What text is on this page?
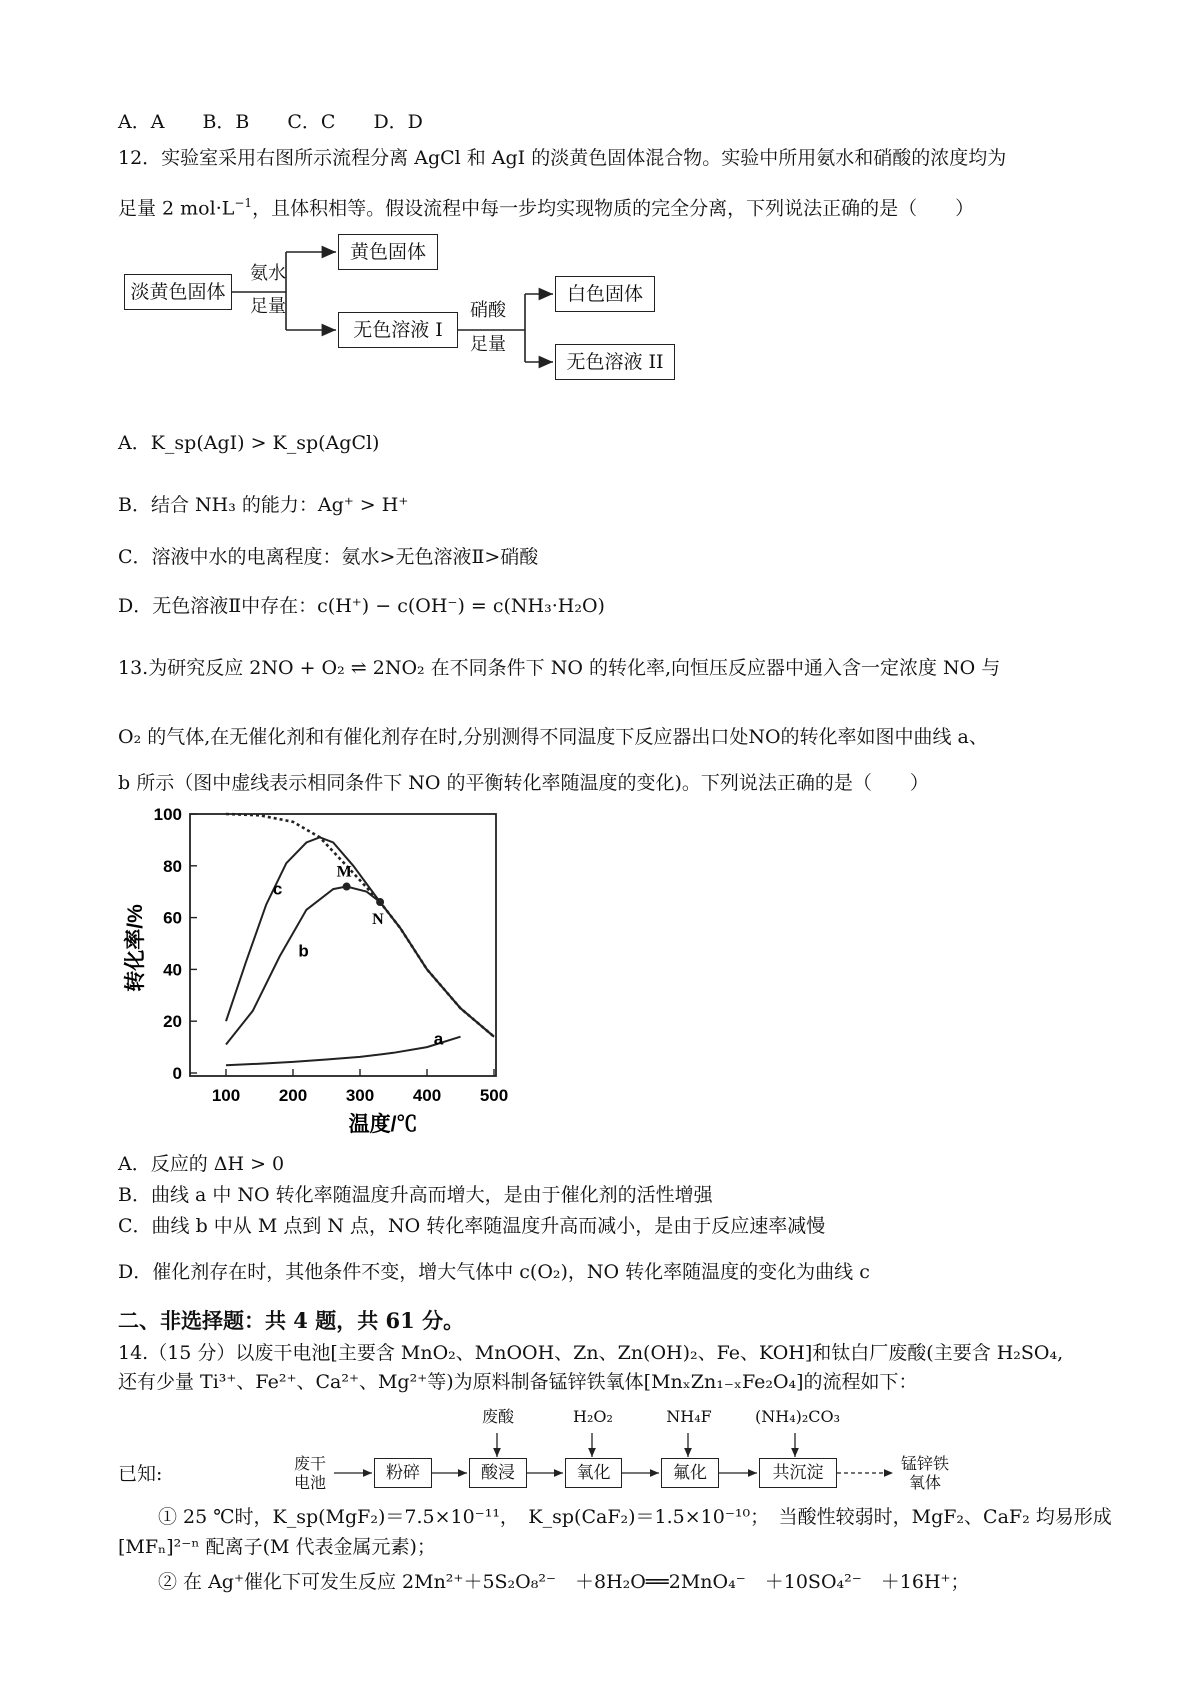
A．A　　B．B　　C．C　　D．D
12．实验室采用右图所示流程分离 AgCl 和 AgI 的淡黄色固体混合物。实验中所用氨水和硝酸的浓度均为
足量 2 $mol\cdot L^{-1}$，且体积相等。假设流程中每一步均实现物质的完全分离，下列说法正确的是（　　）
淡黄色固体
氨水
足量
黄色固体
无色溶液 I
硝酸
足量
白色固体
无色溶液 II
A．K_sp(AgI) > K_sp(AgCl)
B．结合 NH₃ 的能力：Ag⁺ > H⁺
C．溶液中水的电离程度：氨水>无色溶液Ⅱ>硝酸
D．无色溶液Ⅱ中存在：c(H⁺) − c(OH⁻) = c(NH₃·H₂O)
13.为研究反应 2NO + O₂ ⇌ 2NO₂ 在不同条件下 NO 的转化率,向恒压反应器中通入含一定浓度 NO 与
O₂ 的气体,在无催化剂和有催化剂存在时,分别测得不同温度下反应器出口处NO的转化率如图中曲线 a、
b 所示（图中虚线表示相同条件下 NO 的平衡转化率随温度的变化)。下列说法正确的是（　　）
100 200 300 400 500
0
20
40
60
80
100
a
b
c
M
N
转化率/%
温度/℃
A．反应的 ΔH > 0
B．曲线 a 中 NO 转化率随温度升高而增大，是由于催化剂的活性增强
C．曲线 b 中从 M 点到 N 点，NO 转化率随温度升高而减小，是由于反应速率减慢
D．催化剂存在时，其他条件不变，增大气体中 c(O₂)，NO 转化率随温度的变化为曲线 c
二、非选择题：共 4 题，共 61 分。
14.（15 分）以废干电池[主要含 MnO₂、MnOOH、Zn、Zn(OH)₂、Fe、KOH]和钛白厂废酸(主要含 H₂SO₄,
还有少量 Ti³⁺、Fe²⁺、Ca²⁺、Mg²⁺等)为原料制备锰锌铁氧体[MnₓZn₁₋ₓFe₂O₄]的流程如下：
废酸	H₂O₂	NH₄F	(NH₄)₂CO₃
已知:	废干
电池	粉碎	酸浸	氧化	氟化	共沉淀	锰锌铁
氧体
① 25 ℃时，K_sp(MgF₂)＝7.5×10⁻¹¹，　K_sp(CaF₂)＝1.5×10⁻¹⁰；　当酸性较弱时，MgF₂、CaF₂ 均易形成
[MFₙ]²⁻ⁿ 配离子(M 代表金属元素)；
② 在 Ag⁺催化下可发生反应 2Mn²⁺＋5S₂O₈²⁻　＋8H₂O══2MnO₄⁻　＋10SO₄²⁻　＋16H⁺；
